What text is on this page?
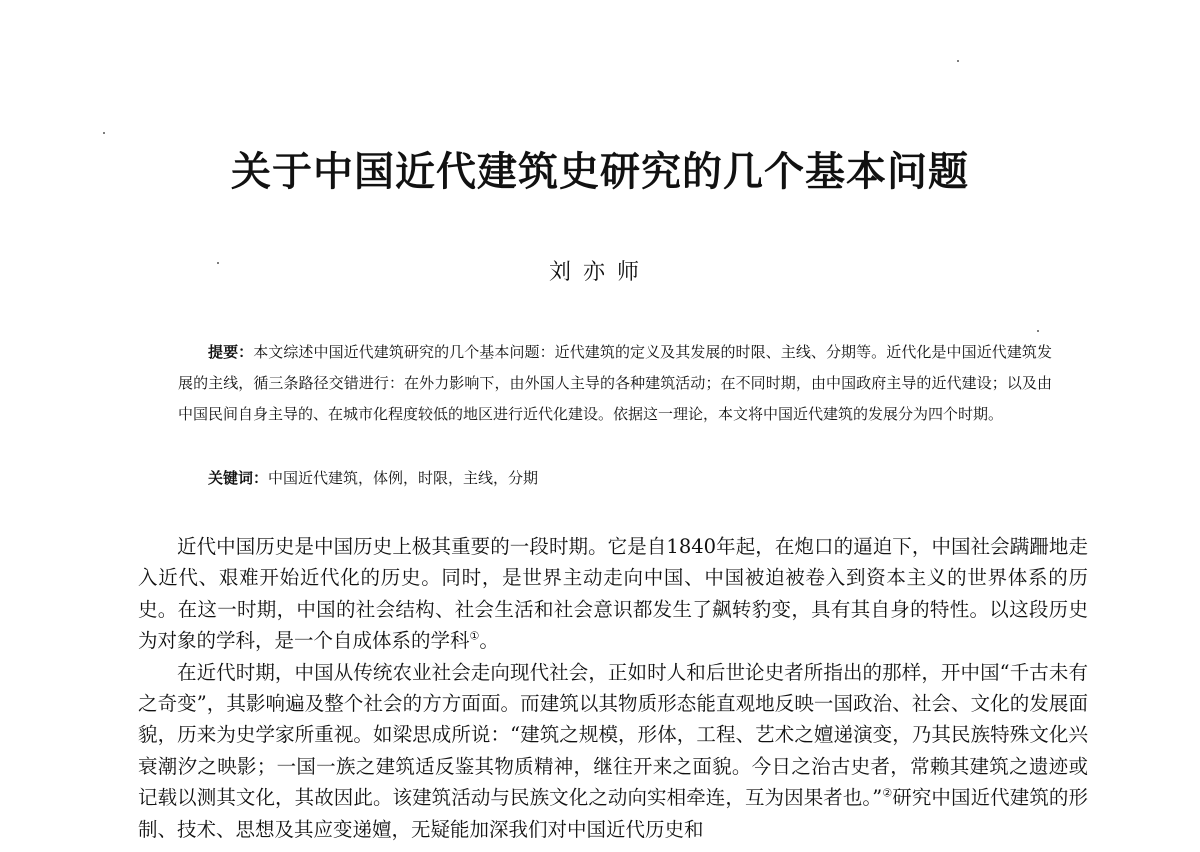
关于中国近代建筑史研究的几个基本问题
刘亦师

提要：本文综述中国近代建筑研究的几个基本问题：近代建筑的定义及其发展的时限、主线、分期等。近代化是中国近代建筑发展的主线，循三条路径交错进行：在外力影响下，由外国人主导的各种建筑活动；在不同时期，由中国政府主导的近代建设；以及由中国民间自身主导的、在城市化程度较低的地区进行近代化建设。依据这一理论，本文将中国近代建筑的发展分为四个时期。

关键词：中国近代建筑，体例，时限，主线，分期

近代中国历史是中国历史上极其重要的一段时期。它是自1840年起，在炮口的逼迫下，中国社会蹒跚地走入近代、艰难开始近代化的历史。同时，是世界主动走向中国、中国被迫被卷入到资本主义的世界体系的历史。在这一时期，中国的社会结构、社会生活和社会意识都发生了飙转豹变，具有其自身的特性。以这段历史为对象的学科，是一个自成体系的学科①。

在近代时期，中国从传统农业社会走向现代社会，正如时人和后世论史者所指出的那样，开中国“千古未有之奇变”，其影响遍及整个社会的方方面面。而建筑以其物质形态能直观地反映一国政治、社会、文化的发展面貌，历来为史学家所重视。如梁思成所说：“建筑之规模，形体，工程、艺术之嬗递演变，乃其民族特殊文化兴衰潮汐之映影；一国一族之建筑适反鉴其物质精神，继往开来之面貌。今日之治古史者，常赖其建筑之遗迹或记载以测其文化，其故因此。该建筑活动与民族文化之动向实相牵连，互为因果者也。”②研究中国近代建筑的形制、技术、思想及其应变递嬗，无疑能加深我们对中国近代历史和
